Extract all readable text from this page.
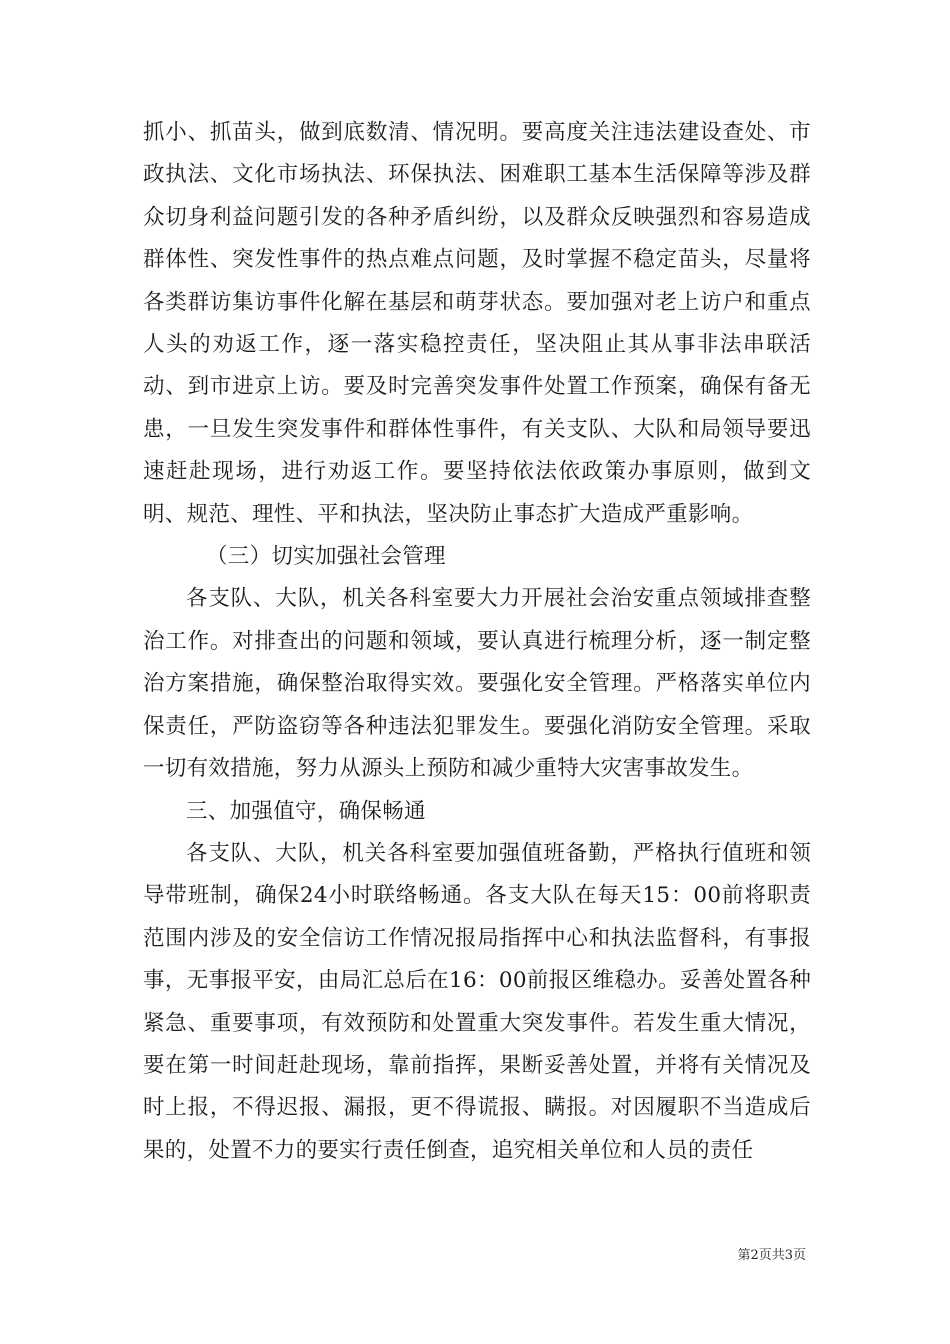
抓小、抓苗头，做到底数清、情况明。要高度关注违法建设查处、市政执法、文化市场执法、环保执法、困难职工基本生活保障等涉及群众切身利益问题引发的各种矛盾纠纷，以及群众反映强烈和容易造成群体性、突发性事件的热点难点问题，及时掌握不稳定苗头，尽量将各类群访集访事件化解在基层和萌芽状态。要加强对老上访户和重点人头的劝返工作，逐一落实稳控责任，坚决阻止其从事非法串联活动、到市进京上访。要及时完善突发事件处置工作预案，确保有备无患，一旦发生突发事件和群体性事件，有关支队、大队和局领导要迅速赶赴现场，进行劝返工作。要坚持依法依政策办事原则，做到文明、规范、理性、平和执法，坚决防止事态扩大造成严重影响。

（三）切实加强社会管理

各支队、大队，机关各科室要大力开展社会治安重点领域排查整治工作。对排查出的问题和领域，要认真进行梳理分析，逐一制定整治方案措施，确保整治取得实效。要强化安全管理。严格落实单位内保责任，严防盗窃等各种违法犯罪发生。要强化消防安全管理。采取一切有效措施，努力从源头上预防和减少重特大灾害事故发生。

三、加强值守，确保畅通

各支队、大队，机关各科室要加强值班备勤，严格执行值班和领导带班制，确保24小时联络畅通。各支大队在每天15：00前将职责范围内涉及的安全信访工作情况报局指挥中心和执法监督科，有事报事，无事报平安，由局汇总后在16：00前报区维稳办。妥善处置各种紧急、重要事项，有效预防和处置重大突发事件。若发生重大情况，要在第一时间赶赴现场，靠前指挥，果断妥善处置，并将有关情况及时上报，不得迟报、漏报，更不得谎报、瞒报。对因履职不当造成后果的，处置不力的要实行责任倒查，追究相关单位和人员的责任

第2页共3页
